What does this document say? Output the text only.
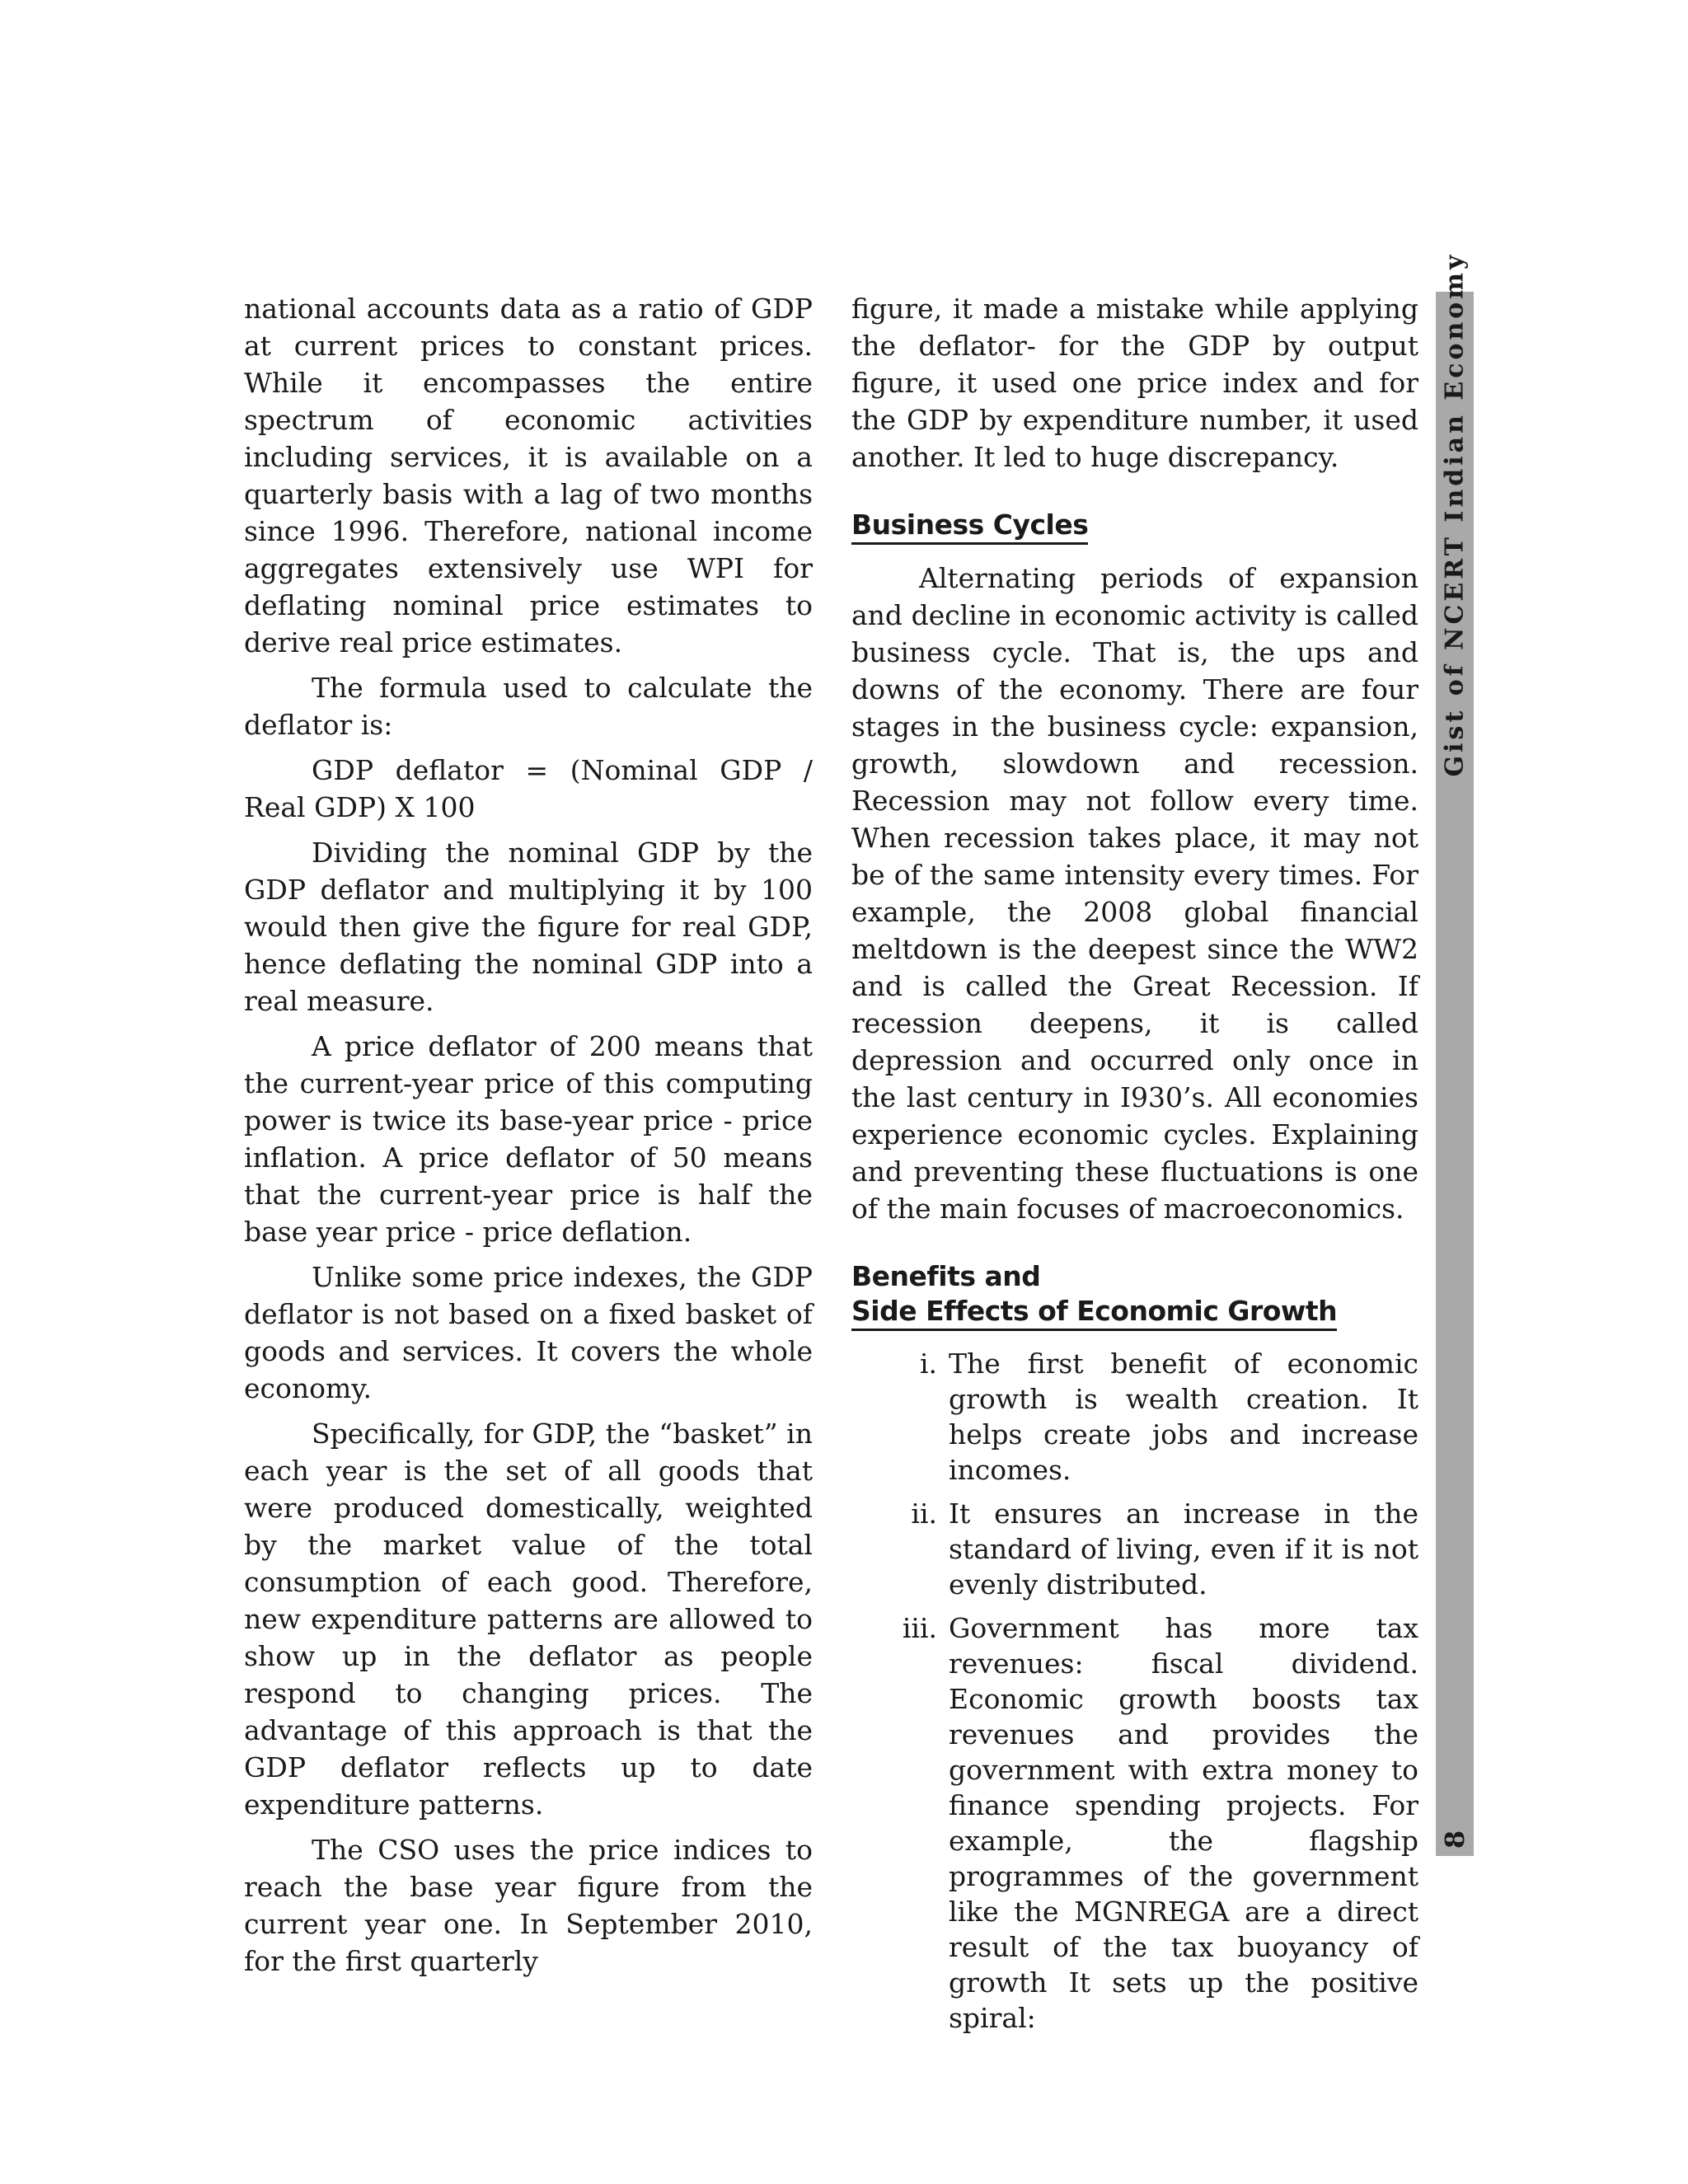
national accounts data as a ratio of GDP at current prices to constant prices. While it encompasses the entire spectrum of economic activities including services, it is available on a quarterly basis with a lag of two months since 1996. Therefore, national income aggregates extensively use WPI for deflating nominal price estimates to derive real price estimates.

The formula used to calculate the deflator is:

GDP deflator = (Nominal GDP / Real GDP) X 100

Dividing the nominal GDP by the GDP deflator and multiplying it by 100 would then give the figure for real GDP, hence deflating the nominal GDP into a real measure.

A price deflator of 200 means that the current-year price of this computing power is twice its base-year price - price inflation. A price deflator of 50 means that the current-year price is half the base year price - price deflation.

Unlike some price indexes, the GDP deflator is not based on a fixed basket of goods and services. It covers the whole economy.

Specifically, for GDP, the “basket” in each year is the set of all goods that were produced domestically, weighted by the market value of the total consumption of each good. Therefore, new expenditure patterns are allowed to show up in the deflator as people respond to changing prices. The advantage of this approach is that the GDP deflator reflects up to date expenditure patterns.

The CSO uses the price indices to reach the base year figure from the current year one. In September 2010, for the first quarterly

figure, it made a mistake while applying the deflator- for the GDP by output figure, it used one price index and for the GDP by expenditure number, it used another. It led to huge discrepancy.

Business Cycles

Alternating periods of expansion and decline in economic activity is called business cycle. That is, the ups and downs of the economy. There are four stages in the business cycle: expansion, growth, slowdown and recession. Recession may not follow every time. When recession takes place, it may not be of the same intensity every times. For example, the 2008 global financial meltdown is the deepest since the WW2 and is called the Great Recession. If recession deepens, it is called depression and occurred only once in the last century in I930’s. All economies experience economic cycles. Explaining and preventing these fluctuations is one of the main focuses of macroeconomics.

Benefits and
Side Effects of Economic Growth
i. The first benefit of economic growth is wealth creation. It helps create jobs and increase incomes.
ii. It ensures an increase in the standard of living, even if it is not evenly distributed.
iii. Government has more tax revenues: fiscal dividend. Economic growth boosts tax revenues and provides the government with extra money to finance spending projects. For example, the flagship programmes of the government like the MGNREGA are a direct result of the tax buoyancy of growth It sets up the positive spiral:
Gist of NCERT Indian Economy
8
